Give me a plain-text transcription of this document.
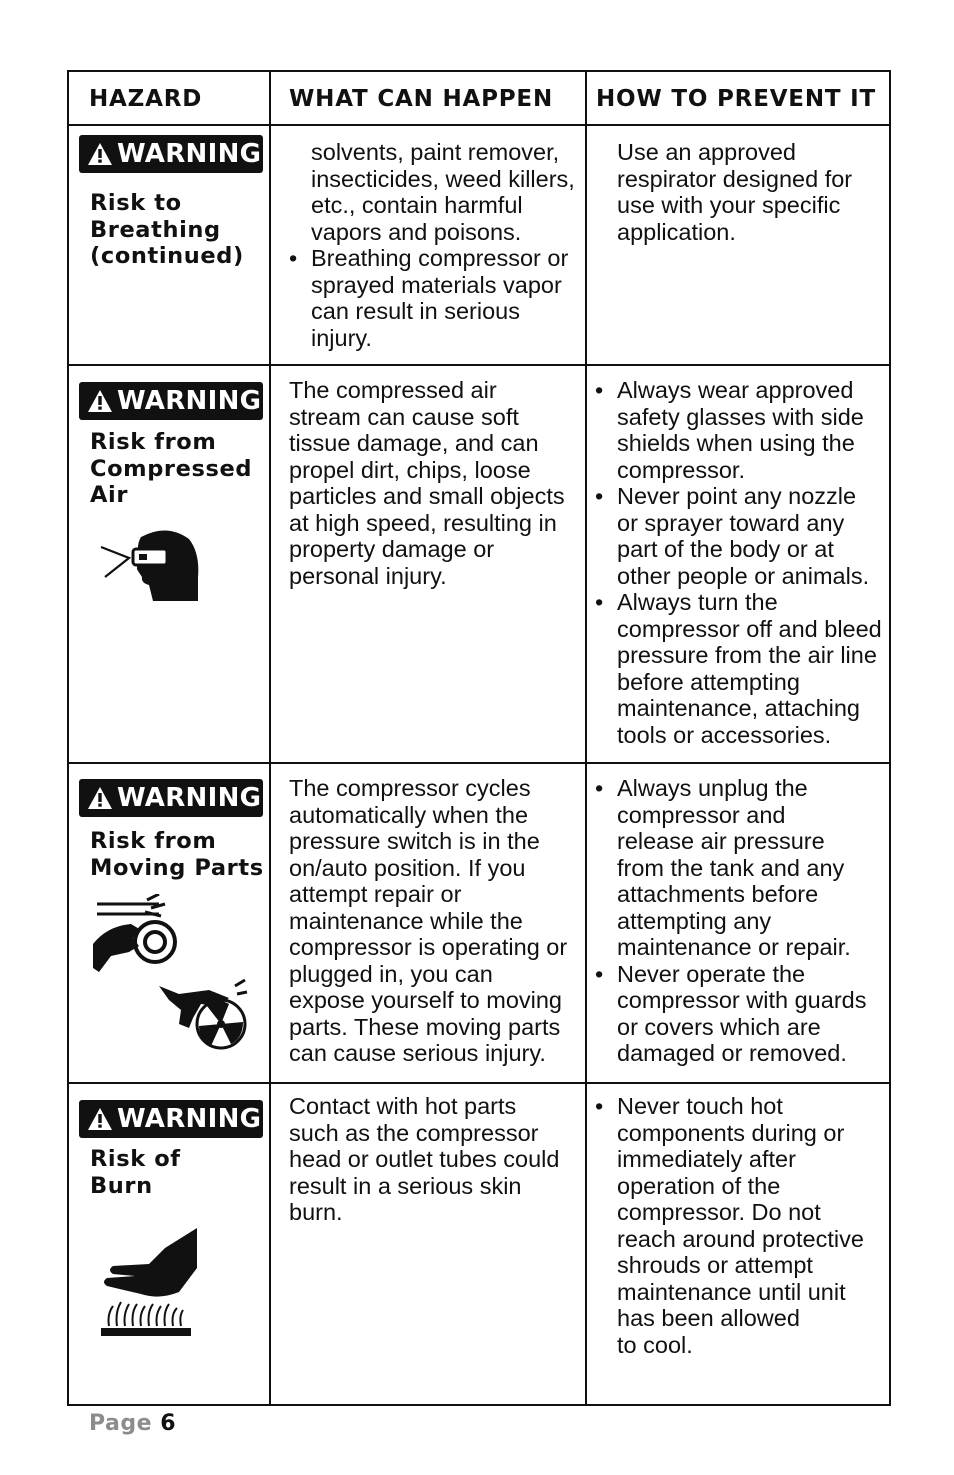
HAZARD	WHAT CAN HAPPEN HOW TO PREVENT IT
WARNING
Risk to
Breathing
(continued)
solvents, paint remover,
insecticides, weed killers,
etc., contain harmful
vapors and poisons.
• Breathing compressor or
sprayed materials vapor
can result in serious
injury.
Use an approved
respirator designed for
use with your specific
application.
WARNING
Risk from
Compressed
Air
The compressed air
stream can cause soft
tissue damage, and can
propel dirt, chips, loose
particles and small objects
at high speed, resulting in
property damage or
personal injury.
• Always wear approved
safety glasses with side
shields when using the
compressor.
• Never point any nozzle
or sprayer toward any
part of the body or at
other people or animals.
• Always turn the
compressor off and bleed
pressure from the air line
before attempting
maintenance, attaching
tools or accessories.
WARNING
Risk from
Moving Parts
The compressor cycles
automatically when the
pressure switch is in the
on/auto position. If you
attempt repair or
maintenance while the
compressor is operating or
plugged in, you can
expose yourself to moving
parts. These moving parts
can cause serious injury.
• Always unplug the
compressor and
release air pressure
from the tank and any
attachments before
attempting any
maintenance or repair.
• Never operate the
compressor with guards
or covers which are
damaged or removed.
WARNING
Risk of
Burn
Contact with hot parts
such as the compressor
head or outlet tubes could
result in a serious skin
burn.
• Never touch hot
components during or
immediately after
operation of the
compressor. Do not
reach around protective
shrouds or attempt
maintenance until unit
has been allowed
to cool.
Page 6
